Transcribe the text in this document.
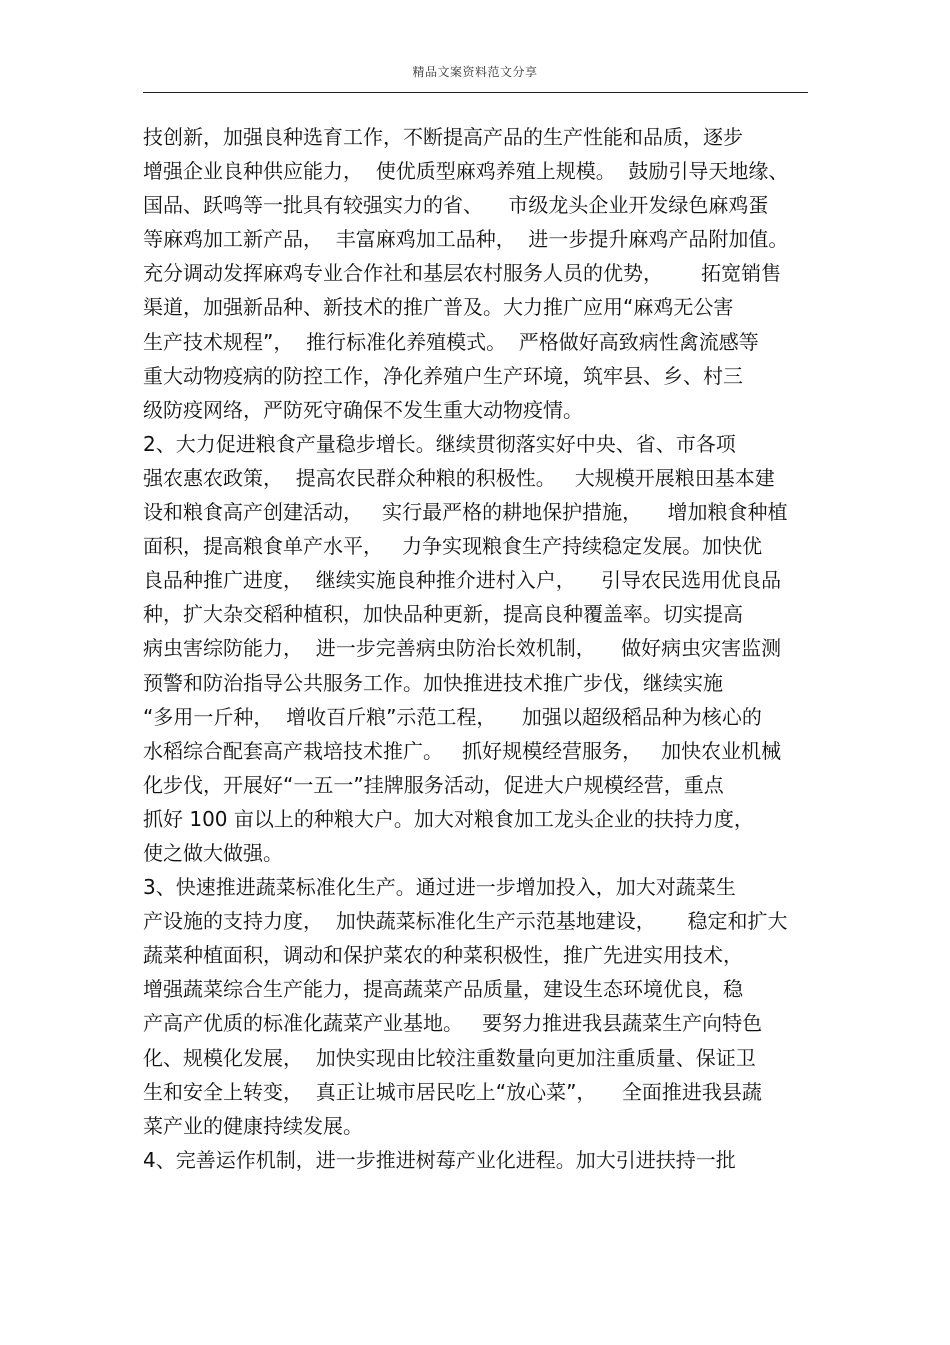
精品文案资料范文分享
技创新，加强良种选育工作，不断提高产品的生产性能和品质，逐步
增强企业良种供应能力，  使优质型麻鸡养殖上规模。  鼓励引导天地缘、
国品、跃鸣等一批具有较强实力的省、    市级龙头企业开发绿色麻鸡蛋
等麻鸡加工新产品，  丰富麻鸡加工品种，  进一步提升麻鸡产品附加值。
充分调动发挥麻鸡专业合作社和基层农村服务人员的优势，      拓宽销售
渠道，加强新品种、新技术的推广普及。大力推广应用“麻鸡无公害
生产技术规程”，  推行标准化养殖模式。  严格做好高致病性禽流感等
重大动物疫病的防控工作，净化养殖户生产环境，筑牢县、乡、村三
级防疫网络，严防死守确保不发生重大动物疫情。
2、大力促进粮食产量稳步增长。继续贯彻落实好中央、省、市各项
强农惠农政策，  提高农民群众种粮的积极性。   大规模开展粮田基本建
设和粮食高产创建活动，   实行最严格的耕地保护措施，    增加粮食种植
面积，提高粮食单产水平，   力争实现粮食生产持续稳定发展。加快优
良品种推广进度，  继续实施良种推介进村入户，    引导农民选用优良品
种，扩大杂交稻种植积，加快品种更新，提高良种覆盖率。切实提高
病虫害综防能力，  进一步完善病虫防治长效机制，    做好病虫灾害监测
预警和防治指导公共服务工作。加快推进技术推广步伐，继续实施
“多用一斤种，  增收百斤粮”示范工程，    加强以超级稻品种为核心的
水稻综合配套高产栽培技术推广。   抓好规模经营服务，   加快农业机械
化步伐，开展好“一五一”挂牌服务活动，促进大户规模经营，重点
抓好 100 亩以上的种粮大户。加大对粮食加工龙头企业的扶持力度，
使之做大做强。
3、快速推进蔬菜标准化生产。通过进一步增加投入，加大对蔬菜生
产设施的支持力度，  加快蔬菜标准化生产示范基地建设，     稳定和扩大
蔬菜种植面积，调动和保护菜农的种菜积极性，推广先进实用技术，
增强蔬菜综合生产能力，提高蔬菜产品质量，建设生态环境优良，稳
产高产优质的标准化蔬菜产业基地。   要努力推进我县蔬菜生产向特色
化、规模化发展，  加快实现由比较注重数量向更加注重质量、保证卫
生和安全上转变，  真正让城市居民吃上“放心菜”，    全面推进我县蔬
菜产业的健康持续发展。
4、完善运作机制，进一步推进树莓产业化进程。加大引进扶持一批
